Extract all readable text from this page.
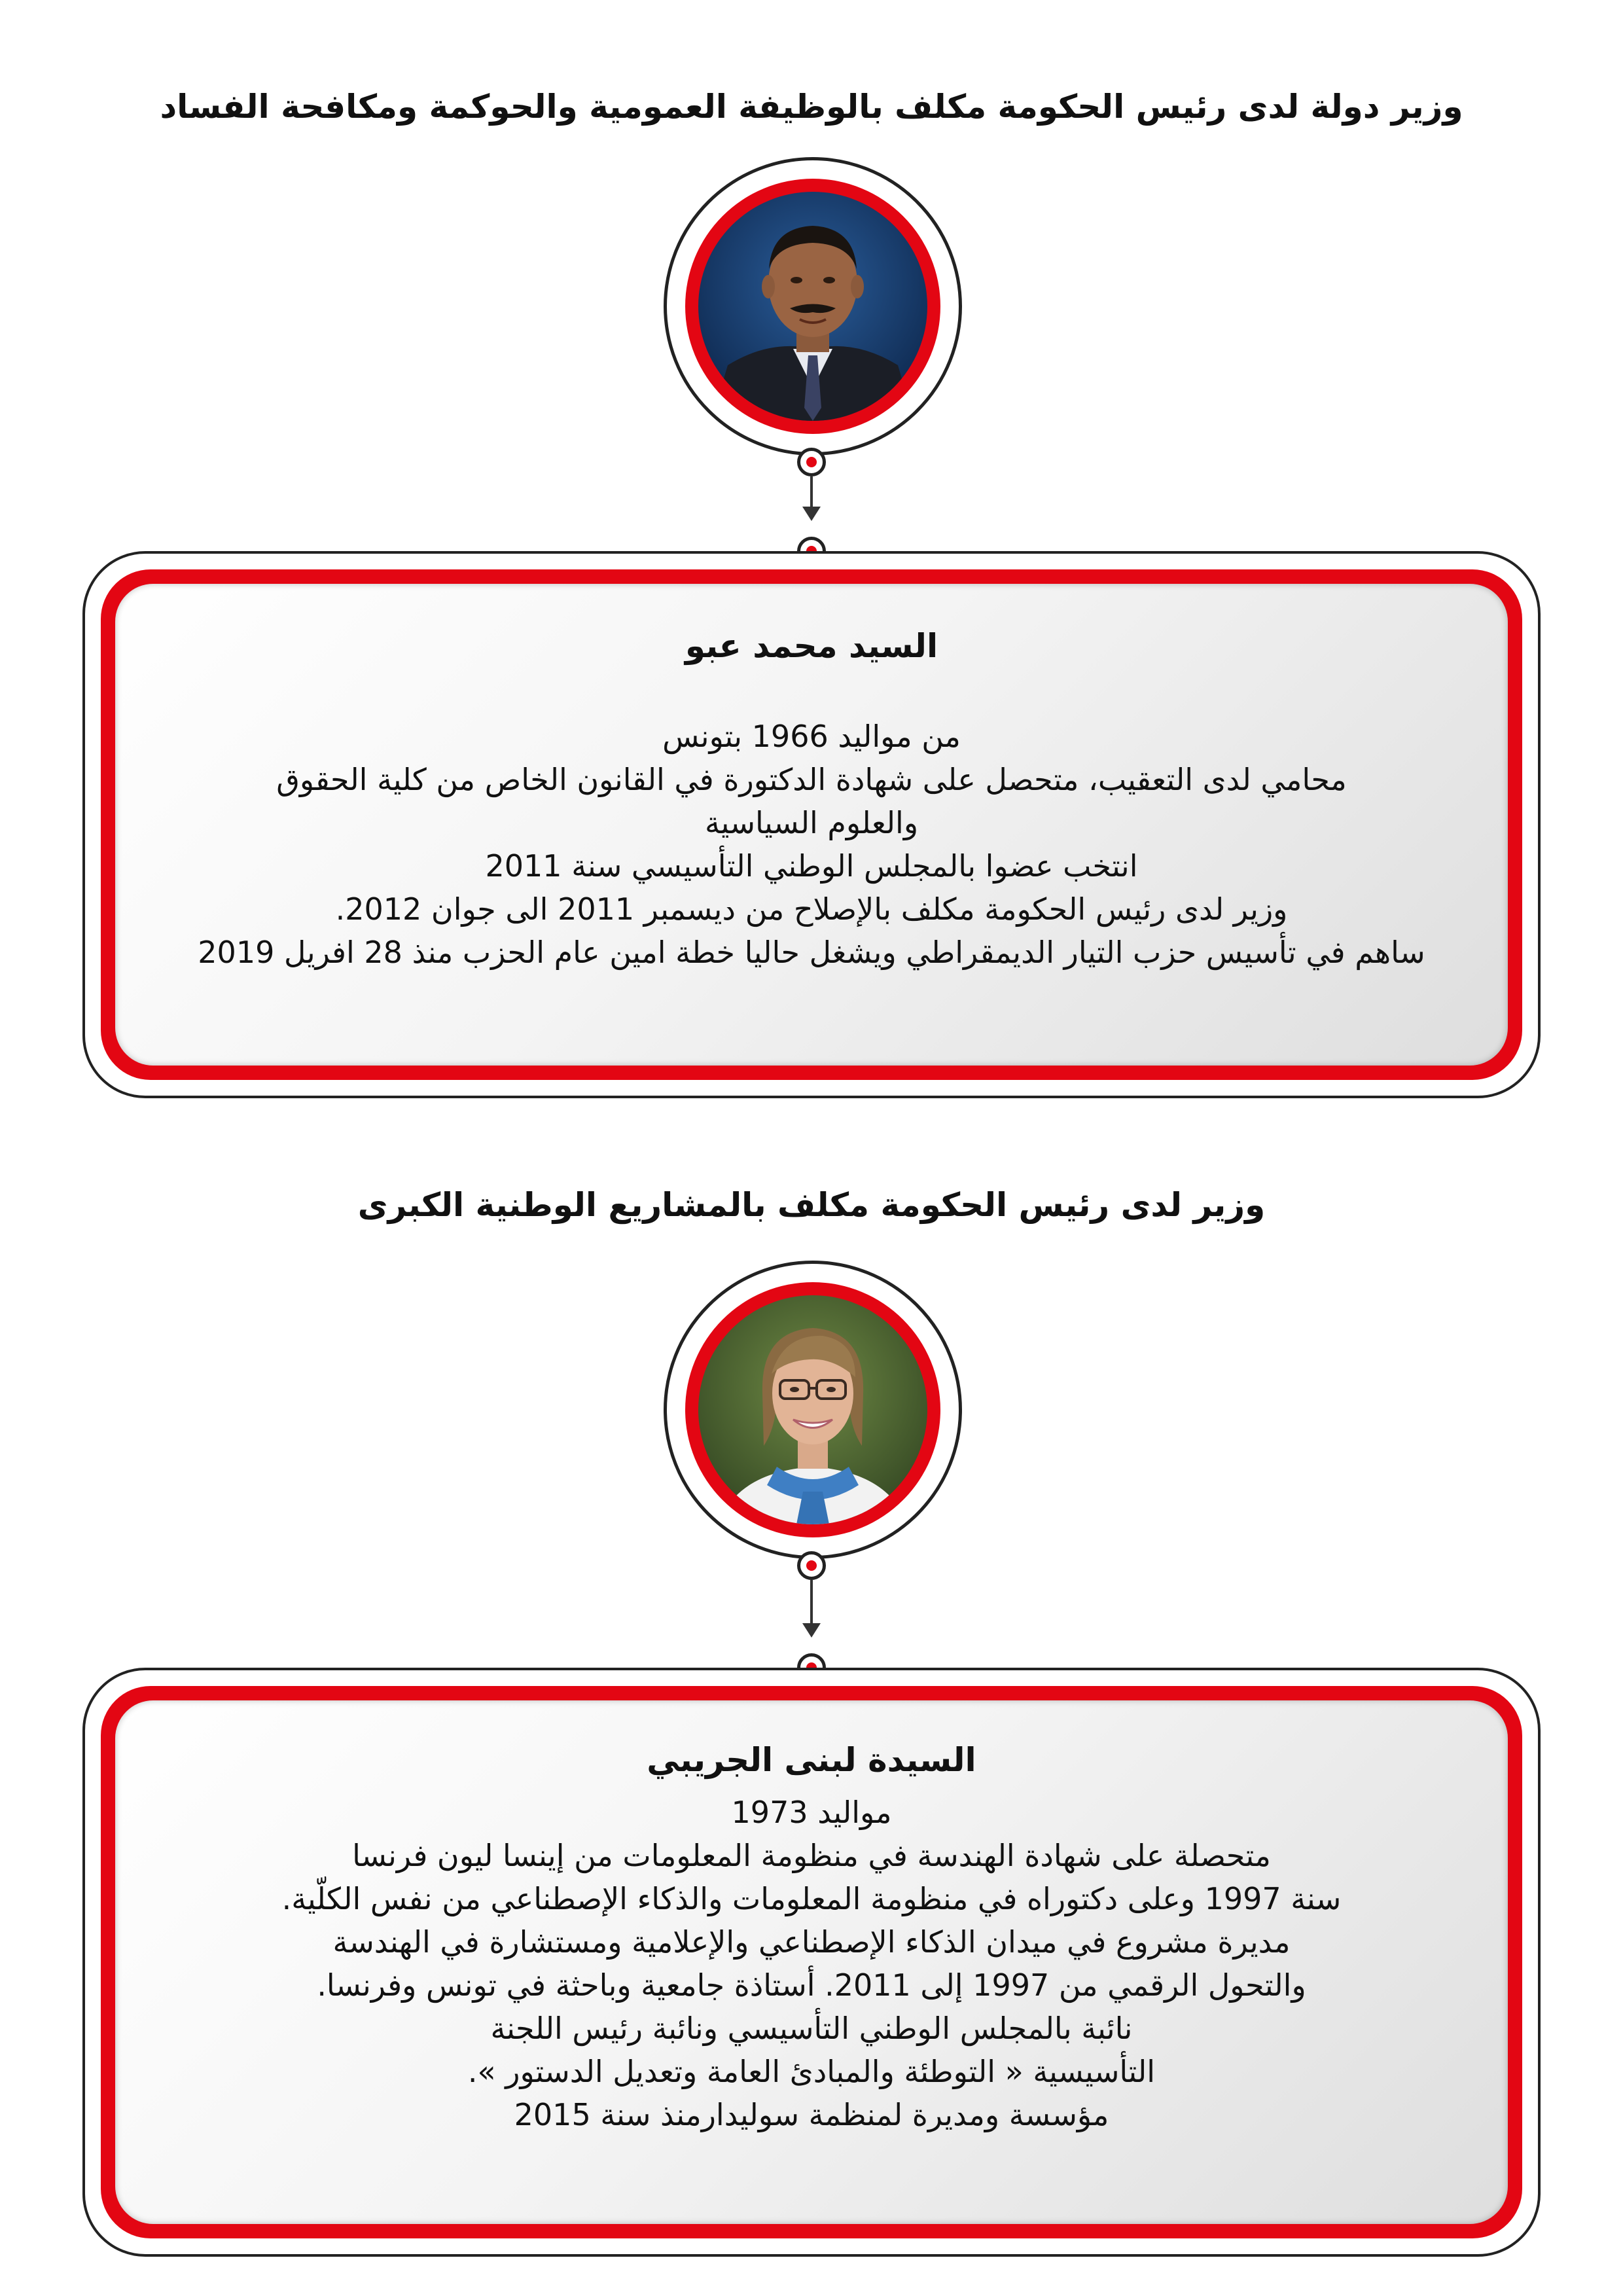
وزير دولة لدى رئيس الحكومة مكلف بالوظيفة العمومية والحوكمة ومكافحة الفساد
السيد محمد عبو
من مواليد 1966 بتونس
محامي لدى التعقيب، متحصل على شهادة الدكتورة في القانون الخاص من كلية الحقوق
والعلوم السياسية
انتخب عضوا بالمجلس الوطني التأسيسي سنة 2011
وزير لدى رئيس الحكومة مكلف بالإصلاح من ديسمبر 2011 الى جوان 2012.
ساهم في تأسيس حزب التيار الديمقراطي ويشغل حاليا خطة امين عام الحزب منذ 28 افريل 2019
وزير لدى رئيس الحكومة مكلف بالمشاريع الوطنية الكبرى
السيدة لبنى الجريبي
مواليد 1973
متحصلة على شهادة الهندسة في منظومة المعلومات من إينسا ليون فرنسا
سنة 1997 وعلى دكتوراه في منظومة المعلومات والذكاء الإصطناعي من نفس الكلّية.
مديرة مشروع في ميدان الذكاء الإصطناعي والإعلامية ومستشارة في الهندسة
والتحول الرقمي من 1997 إلى 2011. أستاذة جامعية وباحثة في تونس وفرنسا.
نائبة بالمجلس الوطني التأسيسي ونائبة رئيس اللجنة
التأسيسية « التوطئة والمبادئ العامة وتعديل الدستور ».
مؤسسة ومديرة لمنظمة سوليدارمنذ سنة 2015
